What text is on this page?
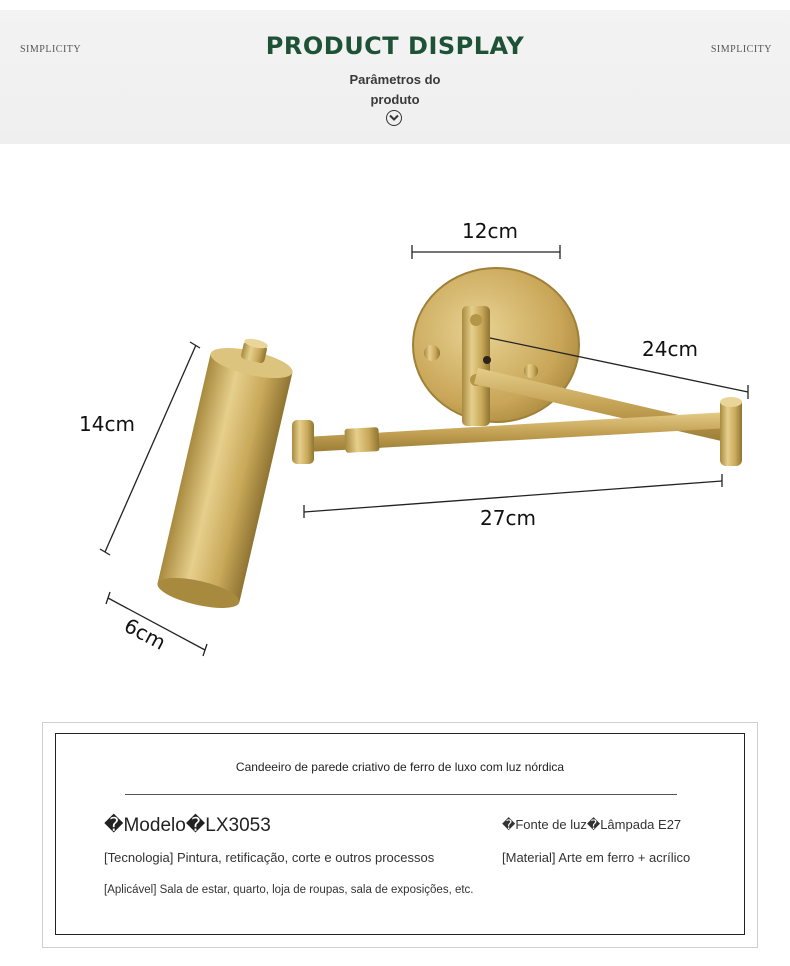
SIMPLICITY	PRODUCT DISPLAY	SIMPLICITY
Parâmetros do
produto
12cm
24cm
14cm
27cm
6cm
Candeeiro de parede criativo de ferro de luxo com luz nórdica
�Modelo�LX3053
[Tecnologia] Pintura, retificação, corte e outros processos
[Aplicável] Sala de estar, quarto, loja de roupas, sala de exposições, etc.
�Fonte de luz�Lâmpada E27
[Material] Arte em ferro + acrílico
